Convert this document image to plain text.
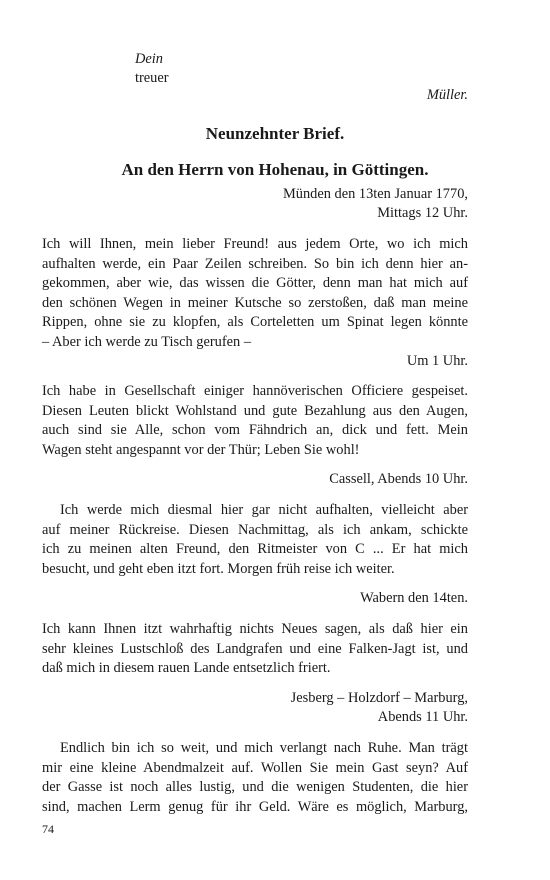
Dein
treuer
Müller.
Neunzehnter Brief.
An den Herrn von Hohenau, in Göttingen.
Münden den 13ten Januar 1770,
Mittags 12 Uhr.
Ich will Ihnen, mein lieber Freund! aus jedem Orte, wo ich mich
aufhalten werde, ein Paar Zeilen schreiben. So bin ich denn hier an-
gekommen, aber wie, das wissen die Götter, denn man hat mich auf
den schönen Wegen in meiner Kutsche so zerstoßen, daß man meine
Rippen, ohne sie zu klopfen, als Corteletten um Spinat legen könnte
– Aber ich werde zu Tisch gerufen –
Um 1 Uhr.
Ich habe in Gesellschaft einiger hannöverischen Officiere gespeiset.
Diesen Leuten blickt Wohlstand und gute Bezahlung aus den Augen,
auch sind sie Alle, schon vom Fähndrich an, dick und fett. Mein
Wagen steht angespannt vor der Thür; Leben Sie wohl!
Cassell, Abends 10 Uhr.
Ich werde mich diesmal hier gar nicht aufhalten, vielleicht aber
auf meiner Rückreise. Diesen Nachmittag, als ich ankam, schickte
ich zu meinen alten Freund, den Ritmeister von C ... Er hat mich
besucht, und geht eben itzt fort. Morgen früh reise ich weiter.
Wabern den 14ten.
Ich kann Ihnen itzt wahrhaftig nichts Neues sagen, als daß hier ein
sehr kleines Lustschloß des Landgrafen und eine Falken-Jagt ist, und
daß mich in diesem rauen Lande entsetzlich friert.
Jesberg – Holzdorf – Marburg,
Abends 11 Uhr.
Endlich bin ich so weit, und mich verlangt nach Ruhe. Man trägt
mir eine kleine Abendmalzeit auf. Wollen Sie mein Gast seyn? Auf
der Gasse ist noch alles lustig, und die wenigen Studenten, die hier
sind, machen Lerm genug für ihr Geld. Wäre es möglich, Marburg,
74
